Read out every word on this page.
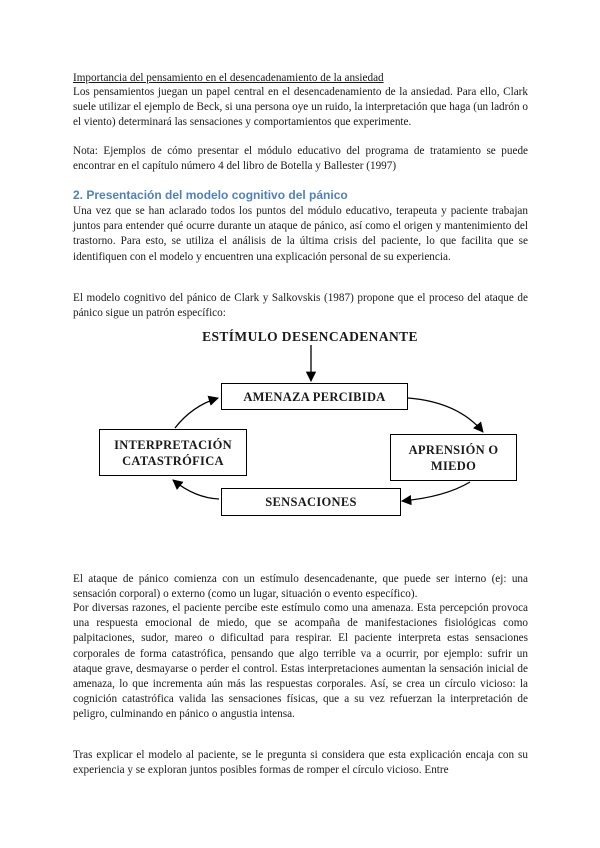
Importancia del pensamiento en el desencadenamiento de la ansiedad
Los pensamientos juegan un papel central en el desencadenamiento de la ansiedad. Para ello, Clark suele utilizar el ejemplo de Beck, si una persona oye un ruido, la interpretación que haga (un ladrón o el viento) determinará las sensaciones y comportamientos que experimente.
Nota: Ejemplos de cómo presentar el módulo educativo del programa de tratamiento se puede encontrar en el capítulo número 4 del libro de Botella y Ballester (1997)
2. Presentación del modelo cognitivo del pánico
Una vez que se han aclarado todos los puntos del módulo educativo, terapeuta y paciente trabajan juntos para entender qué ocurre durante un ataque de pánico, así como el origen y mantenimiento del trastorno. Para esto, se utiliza el análisis de la última crisis del paciente, lo que facilita que se identifiquen con el modelo y encuentren una explicación personal de su experiencia.
El modelo cognitivo del pánico de Clark y Salkovskis (1987) propone que el proceso del ataque de pánico sigue un patrón específico:
ESTÍMULO DESENCADENANTE
AMENAZA PERCIBIDA
APRENSIÓN O MIEDO
SENSACIONES
INTERPRETACIÓN CATASTRÓFICA
El ataque de pánico comienza con un estímulo desencadenante, que puede ser interno (ej: una sensación corporal) o externo (como un lugar, situación o evento específico).
Por diversas razones, el paciente percibe este estímulo como una amenaza. Esta percepción provoca una respuesta emocional de miedo, que se acompaña de manifestaciones fisiológicas como palpitaciones, sudor, mareo o dificultad para respirar. El paciente interpreta estas sensaciones corporales de forma catastrófica, pensando que algo terrible va a ocurrir, por ejemplo: sufrir un ataque grave, desmayarse o perder el control. Estas interpretaciones aumentan la sensación inicial de amenaza, lo que incrementa aún más las respuestas corporales. Así, se crea un círculo vicioso: la cognición catastrófica valida las sensaciones físicas, que a su vez refuerzan la interpretación de peligro, culminando en pánico o angustia intensa.
Tras explicar el modelo al paciente, se le pregunta si considera que esta explicación encaja con su experiencia y se exploran juntos posibles formas de romper el círculo vicioso. Entre
